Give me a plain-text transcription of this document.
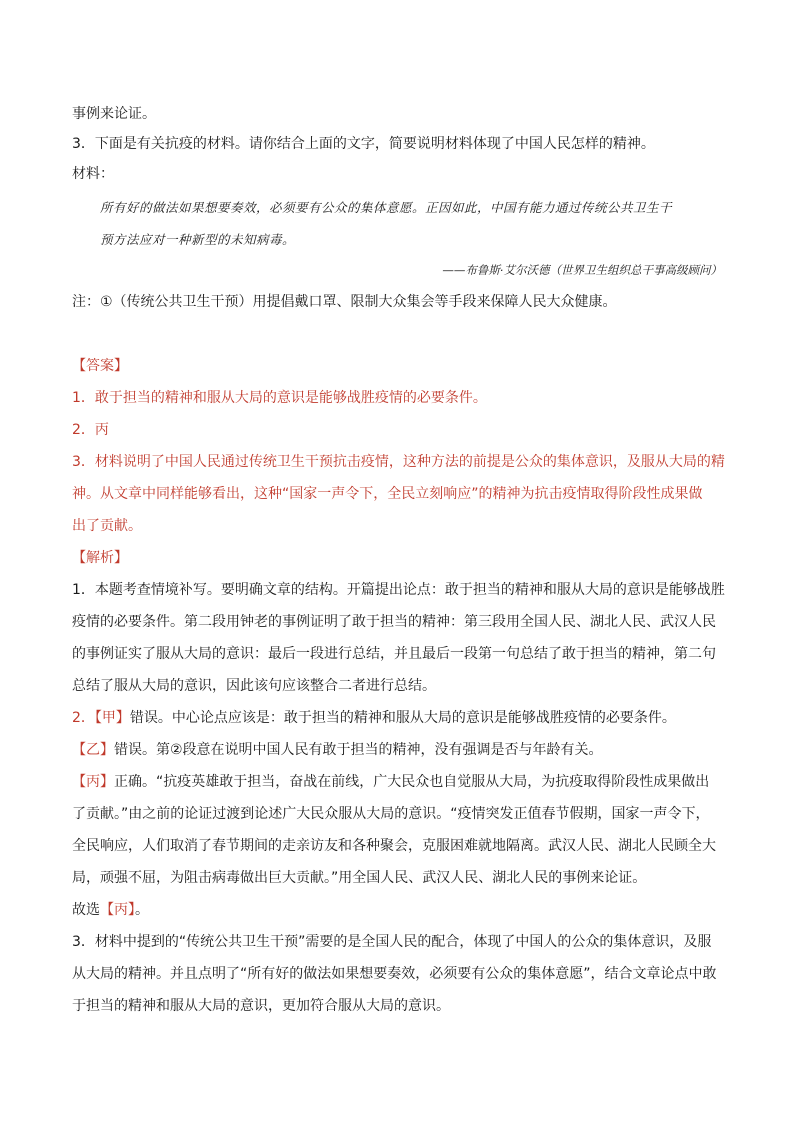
事例来论证。
3．下面是有关抗疫的材料。请你结合上面的文字，简要说明材料体现了中国人民怎样的精神。
材料：
所有好的做法如果想要奏效，必须要有公众的集体意愿。正因如此，中国有能力通过传统公共卫生干
预方法应对一种新型的未知病毒。
——布鲁斯·艾尔沃德（世界卫生组织总干事高级顾问）
注：①（传统公共卫生干预）用提倡戴口罩、限制大众集会等手段来保障人民大众健康。
【答案】
1．敢于担当的精神和服从大局的意识是能够战胜疫情的必要条件。
2．丙
3．材料说明了中国人民通过传统卫生干预抗击疫情，这种方法的前提是公众的集体意识，及服从大局的精
神。从文章中同样能够看出，这种“国家一声令下，全民立刻响应”的精神为抗击疫情取得阶段性成果做
出了贡献。
【解析】
1．本题考查情境补写。要明确文章的结构。开篇提出论点：敢于担当的精神和服从大局的意识是能够战胜
疫情的必要条件。第二段用钟老的事例证明了敢于担当的精神：第三段用全国人民、湖北人民、武汉人民
的事例证实了服从大局的意识：最后一段进行总结，并且最后一段第一句总结了敢于担当的精神，第二句
总结了服从大局的意识，因此该句应该整合二者进行总结。
2．【甲】错误。中心论点应该是：敢于担当的精神和服从大局的意识是能够战胜疫情的必要条件。
【乙】错误。第②段意在说明中国人民有敢于担当的精神，没有强调是否与年龄有关。
【丙】正确。“抗疫英雄敢于担当，奋战在前线，广大民众也自觉服从大局，为抗疫取得阶段性成果做出
了贡献。”由之前的论证过渡到论述广大民众服从大局的意识。“疫情突发正值春节假期，国家一声令下，
全民响应，人们取消了春节期间的走亲访友和各种聚会，克服困难就地隔离。武汉人民、湖北人民顾全大
局，顽强不屈，为阻击病毒做出巨大贡献。”用全国人民、武汉人民、湖北人民的事例来论证。
故选【丙】。
3．材料中提到的“传统公共卫生干预”需要的是全国人民的配合，体现了中国人的公众的集体意识，及服
从大局的精神。并且点明了“所有好的做法如果想要奏效，必须要有公众的集体意愿”，结合文章论点中敢
于担当的精神和服从大局的意识，更加符合服从大局的意识。
